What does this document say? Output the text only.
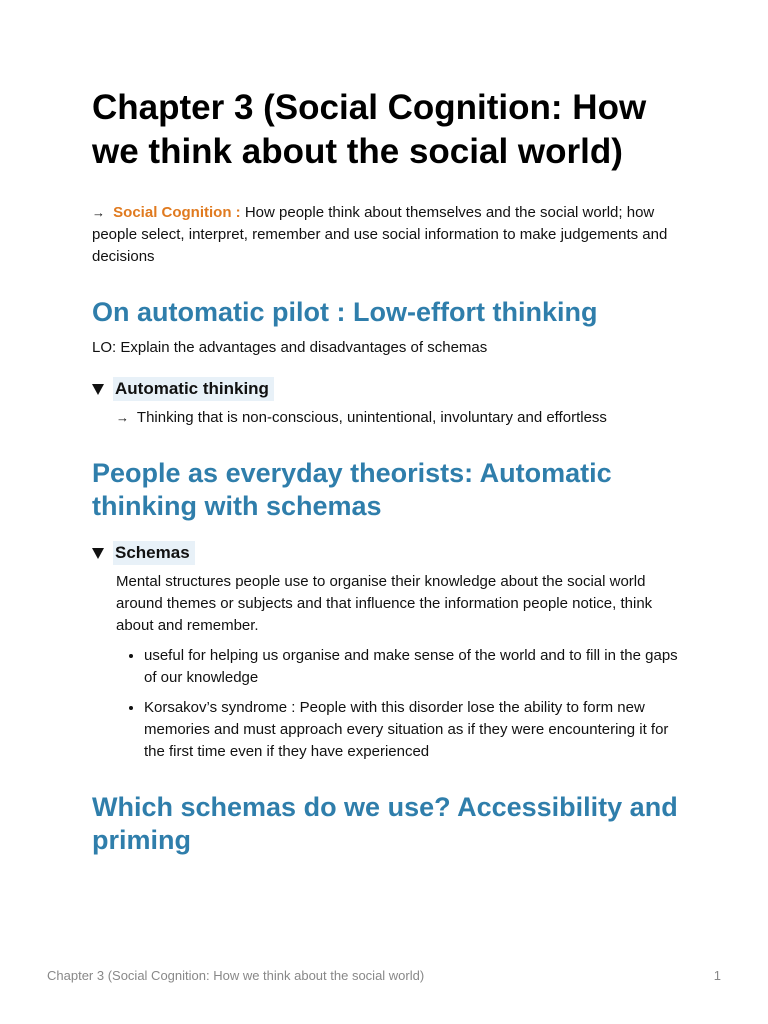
Chapter 3 (Social Cognition: How we think about the social world)
→ Social Cognition : How people think about themselves and the social world; how people select, interpret, remember and use social information to make judgements and decisions
On automatic pilot : Low-effort thinking
LO: Explain the advantages and disadvantages of schemas
Automatic thinking
→ Thinking that is non-conscious, unintentional, involuntary and effortless
People as everyday theorists: Automatic thinking with schemas
Schemas
Mental structures people use to organise their knowledge about the social world around themes or subjects and that influence the information people notice, think about and remember.
• useful for helping us organise and make sense of the world and to fill in the gaps of our knowledge
• Korsakov’s syndrome : People with this disorder lose the ability to form new memories and must approach every situation as if they were encountering it for the first time even if they have experienced
Which schemas do we use? Accessibility and priming
Chapter 3 (Social Cognition: How we think about the social world)	1
